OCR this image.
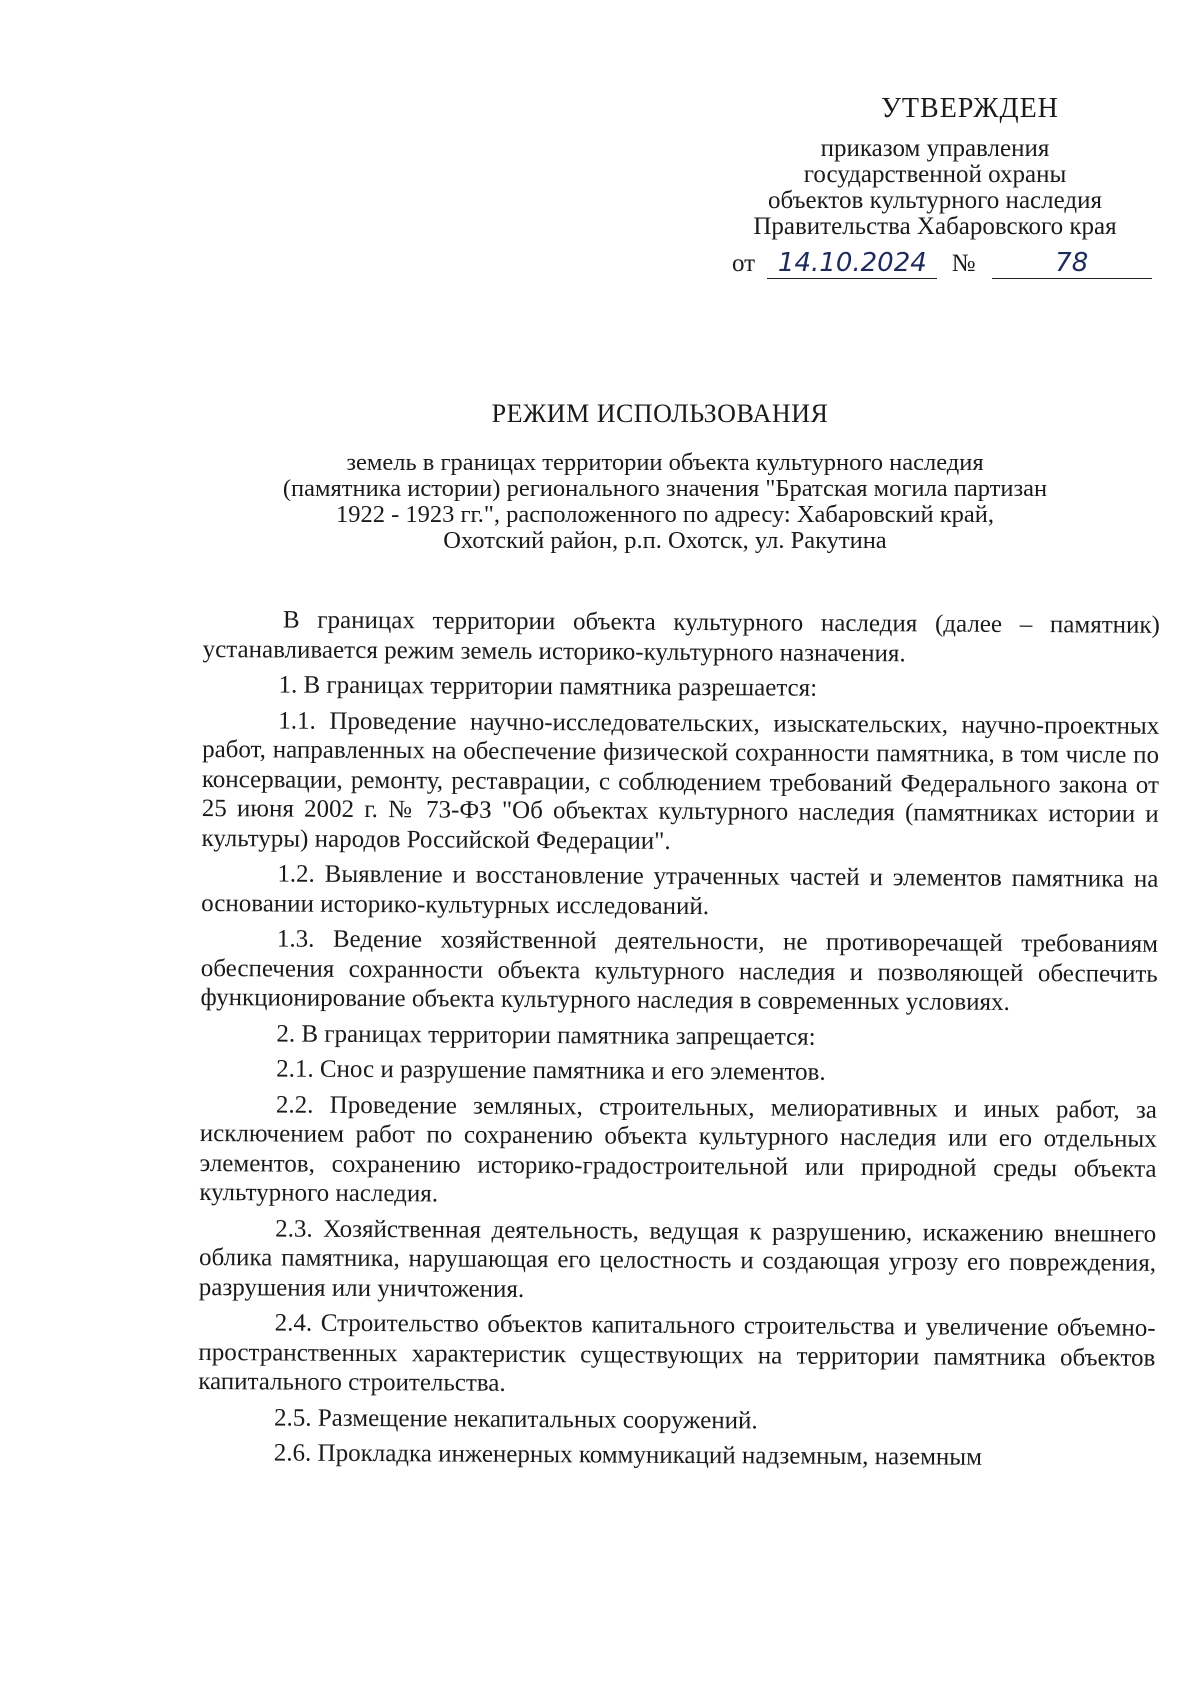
УТВЕРЖДЕН
приказом управления
государственной охраны
объектов культурного наследия
Правительства Хабаровского края
от 14.10.2024 №	78
РЕЖИМ ИСПОЛЬЗОВАНИЯ
земель в границах территории объекта культурного наследия
(памятника истории) регионального значения "Братская могила партизан
1922 - 1923 гг.", расположенного по адресу: Хабаровский край,
Охотский район, р.п. Охотск, ул. Ракутина

В границах территории объекта культурного наследия (далее – памятник) устанавливается режим земель историко-культурного назначения.

1. В границах территории памятника разрешается:

1.1. Проведение научно-исследовательских, изыскательских, научно-проектных работ, направленных на обеспечение физической сохранности памятника, в том числе по консервации, ремонту, реставрации, с соблюдением требований Федерального закона от 25 июня 2002 г. № 73-ФЗ "Об объектах культурного наследия (памятниках истории и культуры) народов Российской Федерации".

1.2. Выявление и восстановление утраченных частей и элементов памятника на основании историко-культурных исследований.

1.3. Ведение хозяйственной деятельности, не противоречащей требованиям обеспечения сохранности объекта культурного наследия и позволяющей обеспечить функционирование объекта культурного наследия в современных условиях.

2. В границах территории памятника запрещается:

2.1. Снос и разрушение памятника и его элементов.

2.2. Проведение земляных, строительных, мелиоративных и иных работ, за исключением работ по сохранению объекта культурного наследия или его отдельных элементов, сохранению историко-градостроительной или природной среды объекта культурного наследия.

2.3. Хозяйственная деятельность, ведущая к разрушению, искажению внешнего облика памятника, нарушающая его целостность и создающая угрозу его повреждения, разрушения или уничтожения.

2.4. Строительство объектов капитального строительства и увеличение объемно-пространственных характеристик существующих на территории памятника объектов капитального строительства.

2.5. Размещение некапитальных сооружений.

2.6. Прокладка инженерных коммуникаций надземным, наземным
